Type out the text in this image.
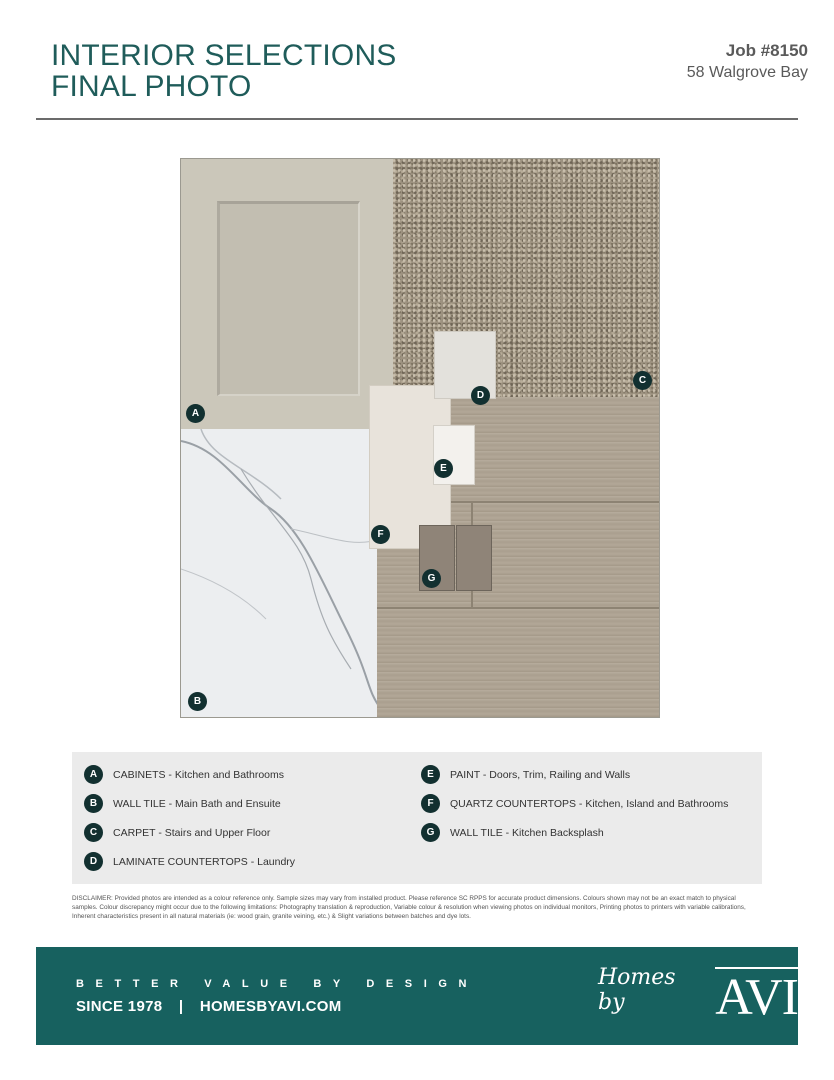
INTERIOR SELECTIONS
FINAL PHOTO
Job #8150
58 Walgrove Bay
A
B
C
D
E
F
G
A	CABINETS - Kitchen and Bathrooms
B	WALL TILE - Main Bath and Ensuite
C	CARPET - Stairs and Upper Floor
D	LAMINATE COUNTERTOPS - Laundry
E	PAINT - Doors, Trim, Railing and Walls
F	QUARTZ COUNTERTOPS - Kitchen, Island and Bathrooms
G	WALL TILE - Kitchen Backsplash
DISCLAIMER: Provided photos are intended as a colour reference only. Sample sizes may vary from installed product. Please reference SC RPPS for accurate product dimensions. Colours shown may not be an exact match to physical samples. Colour discrepancy might occur due to the following limitations: Photography translation & reproduction, Variable colour & resolution when viewing photos on individual monitors, Printing photos to printers with variable calibrations, Inherent characteristics present in all natural materials (ie: wood grain, granite veining, etc.) & Slight variations between batches and dye lots.
BETTER VALUE BY DESIGN
SINCE 1978 | HOMESBYAVI.COM
Homes by	AVI
